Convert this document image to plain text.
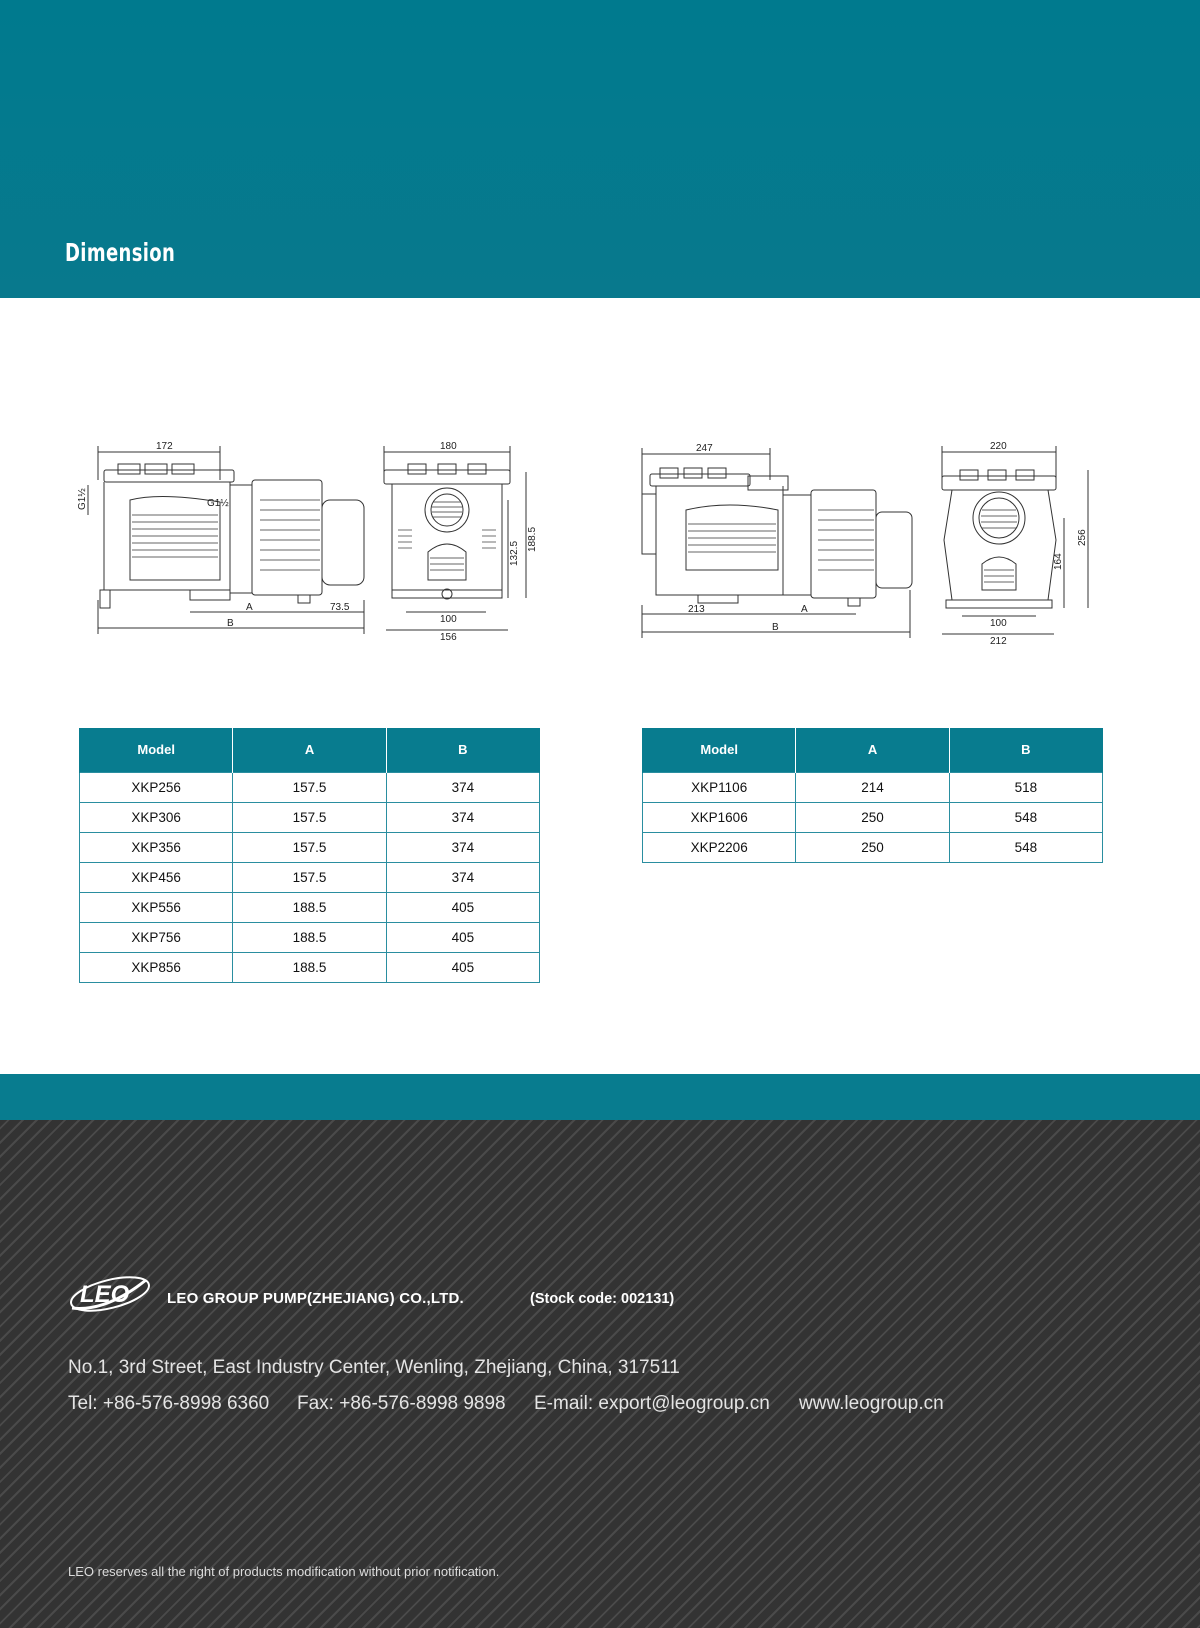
Dimension
172
G1½	G1½
A	73.5
B
180
100
156
132.5
188.5
247
213	A
B
220
100
212
164
256
Model	A	B
XKP256	157.5	374
XKP306	157.5	374
XKP356	157.5	374
XKP456	157.5	374
XKP556	188.5	405
XKP756	188.5	405
XKP856	188.5	405
Model	A	B
XKP1106	214	518
XKP1606	250	548
XKP2206	250	548
LEO	LEO GROUP PUMP(ZHEJIANG) CO.,LTD.	(Stock code: 002131)
No.1, 3rd Street, East Industry Center, Wenling, Zhejiang, China, 317511
Tel: +86-576-8998 6360 Fax: +86-576-8998 9898 E-mail: export@leogroup.cn www.leogroup.cn
LEO reserves all the right of products modification without prior notification.
